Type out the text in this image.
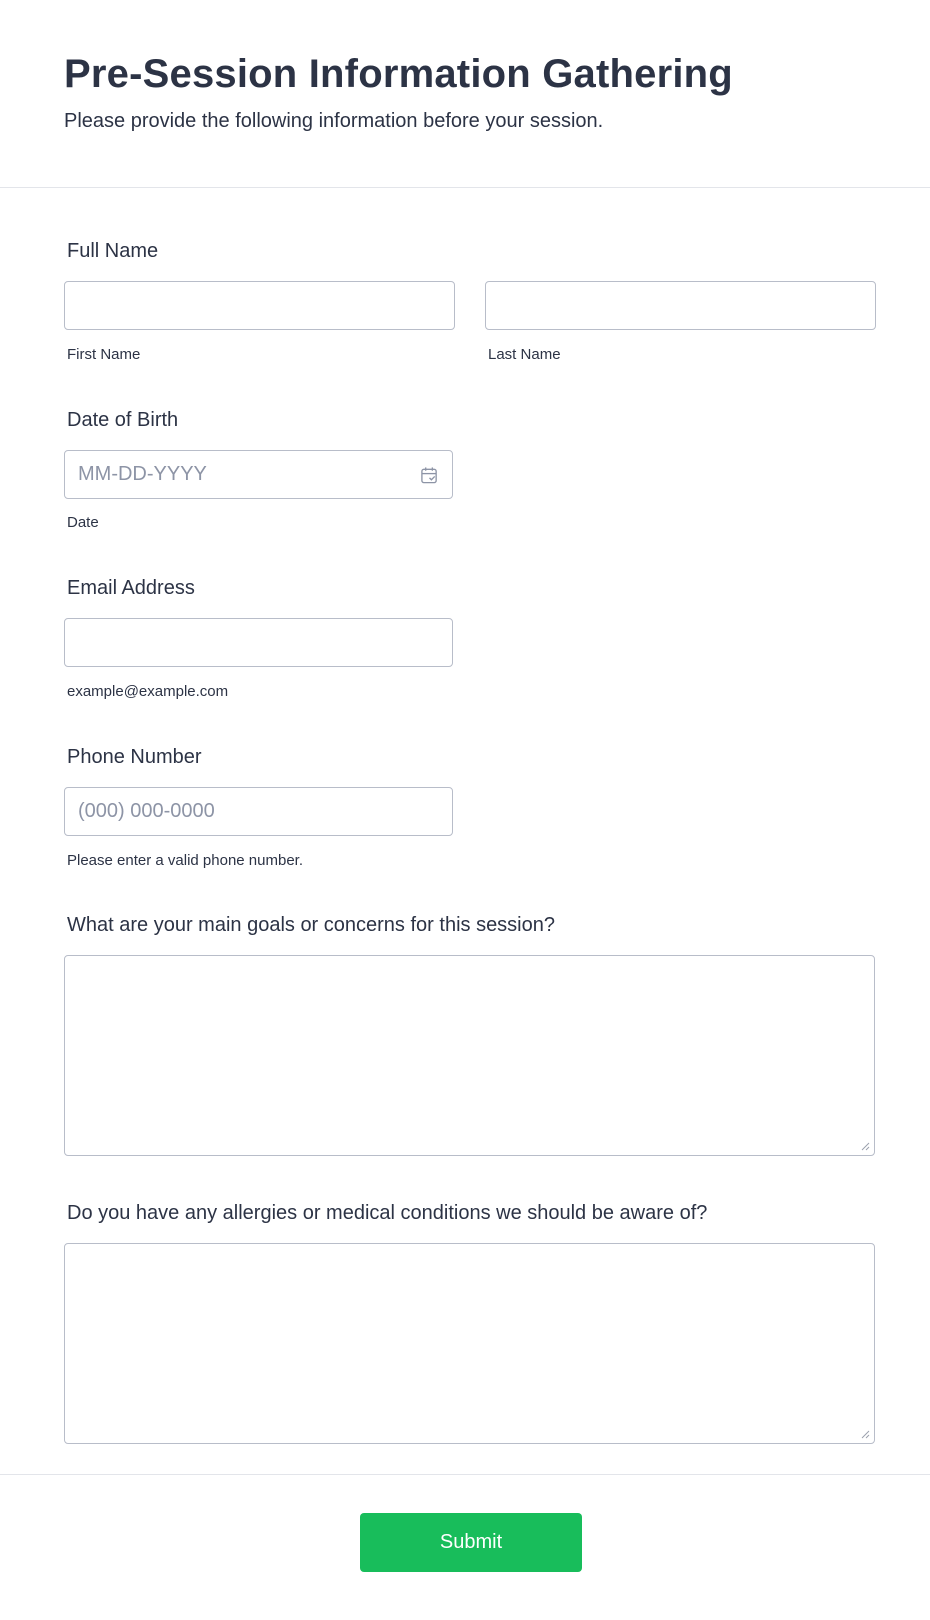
Pre-Session Information Gathering

Please provide the following information before your session.

Full Name
First Name	Last Name
Date of Birth
MM-DD-YYYY
Date
Email Address
example@example.com
Phone Number
(000) 000-0000
Please enter a valid phone number.
What are your main goals or concerns for this session?
Do you have any allergies or medical conditions we should be aware of?
Submit
